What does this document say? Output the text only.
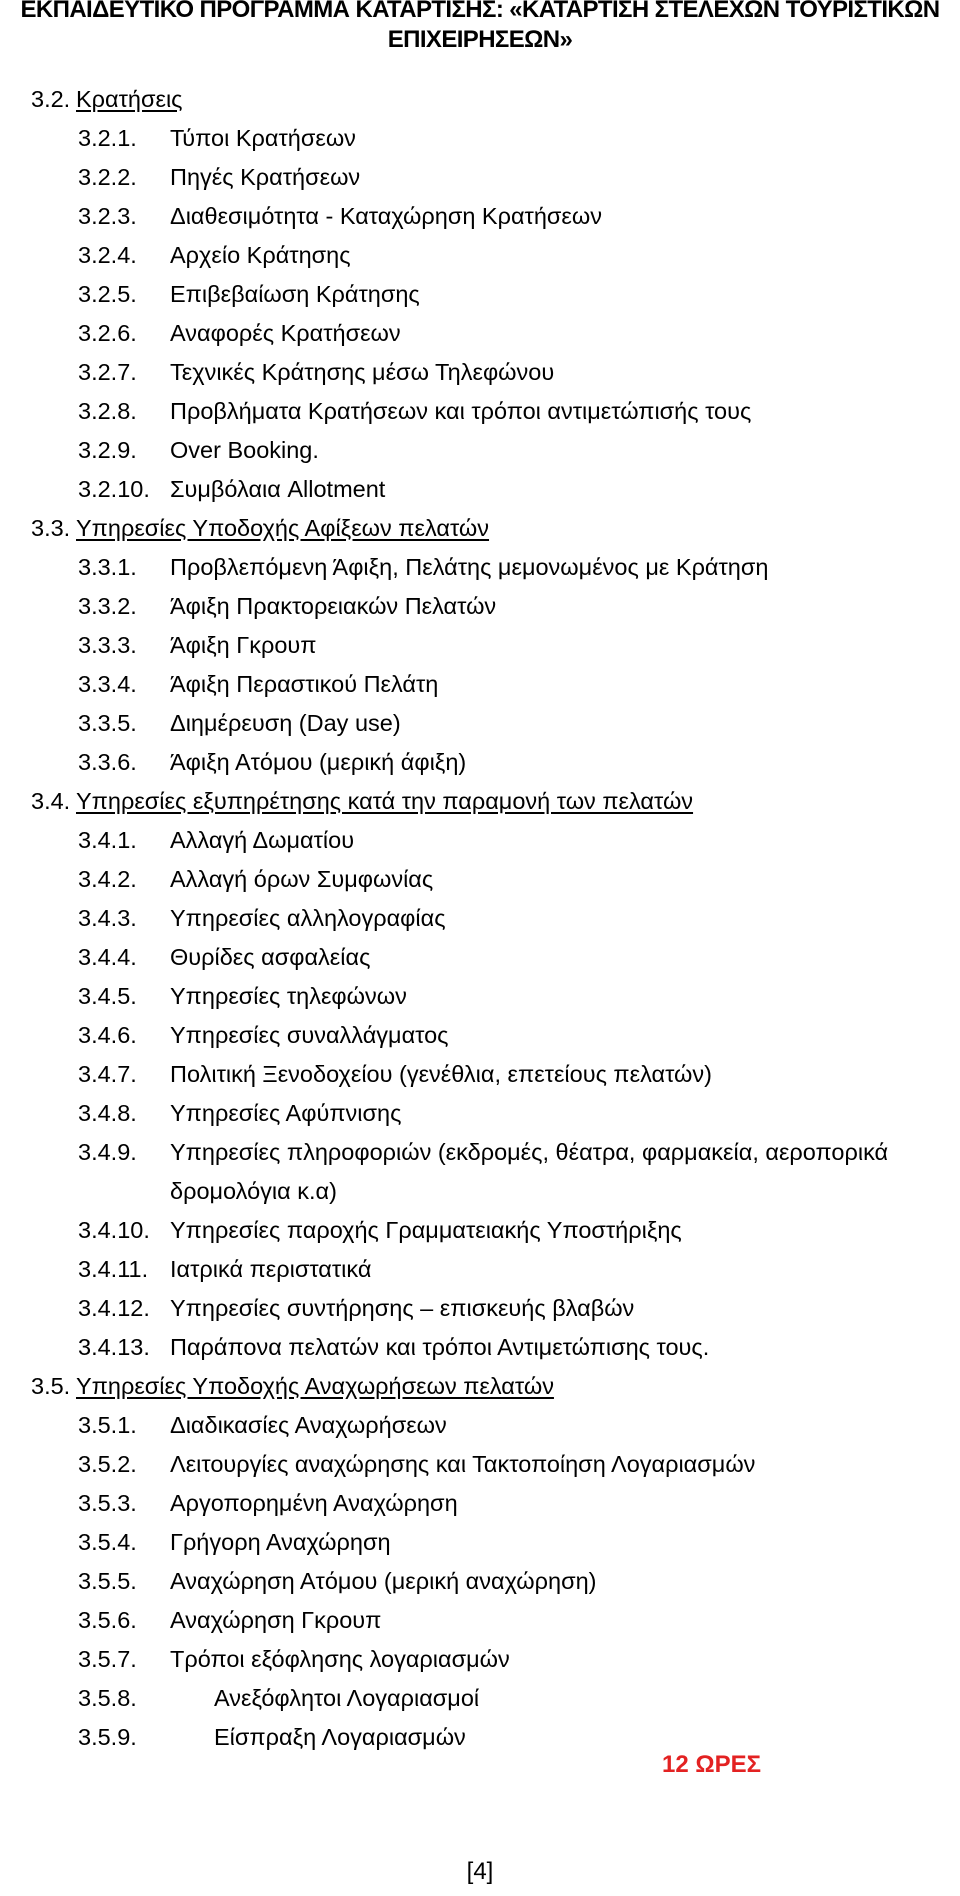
ΕΚΠΑΙΔΕΥΤΙΚΟ ΠΡΟΓΡΑΜΜΑ ΚΑΤΑΡΤΙΣΗΣ: «ΚΑΤΑΡΤΙΣΗ ΣΤΕΛΕΧΩΝ ΤΟΥΡΙΣΤΙΚΩΝ
ΕΠΙΧΕΙΡΗΣΕΩΝ»
3.2. Κρατήσεις
3.2.1. Τύποι Κρατήσεων
3.2.2. Πηγές Κρατήσεων
3.2.3. Διαθεσιμότητα - Καταχώρηση Κρατήσεων
3.2.4. Αρχείο Κράτησης
3.2.5. Επιβεβαίωση Κράτησης
3.2.6. Αναφορές Κρατήσεων
3.2.7. Τεχνικές Κράτησης μέσω Τηλεφώνου
3.2.8. Προβλήματα Κρατήσεων και τρόποι αντιμετώπισής τους
3.2.9. Over Booking.
3.2.10. Συμβόλαια Allotment
3.3. Υπηρεσίες Υποδοχής Αφίξεων πελατών
3.3.1. Προβλεπόμενη Άφιξη, Πελάτης μεμονωμένος με Κράτηση
3.3.2. Άφιξη Πρακτορειακών Πελατών
3.3.3. Άφιξη Γκρουπ
3.3.4. Άφιξη Περαστικού Πελάτη
3.3.5. Διημέρευση (Day use)
3.3.6. Άφιξη Ατόμου (μερική άφιξη)
3.4. Υπηρεσίες εξυπηρέτησης κατά την παραμονή των πελατών
3.4.1. Αλλαγή Δωματίου
3.4.2. Αλλαγή όρων Συμφωνίας
3.4.3. Υπηρεσίες αλληλογραφίας
3.4.4. Θυρίδες ασφαλείας
3.4.5. Υπηρεσίες τηλεφώνων
3.4.6. Υπηρεσίες συναλλάγματος
3.4.7. Πολιτική Ξενοδοχείου (γενέθλια, επετείους πελατών)
3.4.8. Υπηρεσίες Αφύπνισης
3.4.9. Υπηρεσίες πληροφοριών (εκδρομές, θέατρα, φαρμακεία, αεροπορικά
δρομολόγια κ.α)
3.4.10. Υπηρεσίες παροχής Γραμματειακής Υποστήριξης
3.4.11. Ιατρικά περιστατικά
3.4.12. Υπηρεσίες συντήρησης – επισκευής βλαβών
3.4.13. Παράπονα πελατών και τρόποι Αντιμετώπισης τους.
3.5. Υπηρεσίες Υποδοχής Αναχωρήσεων πελατών
3.5.1. Διαδικασίες Αναχωρήσεων
3.5.2. Λειτουργίες αναχώρησης και Τακτοποίηση Λογαριασμών
3.5.3. Αργοπορημένη Αναχώρηση
3.5.4. Γρήγορη Αναχώρηση
3.5.5. Αναχώρηση Ατόμου (μερική αναχώρηση)
3.5.6. Αναχώρηση Γκρουπ
3.5.7. Τρόποι εξόφλησης λογαριασμών
3.5.8.	Ανεξόφλητοι Λογαριασμοί
3.5.9.	Είσπραξη Λογαριασμών
12 ΩΡΕΣ
[4]
